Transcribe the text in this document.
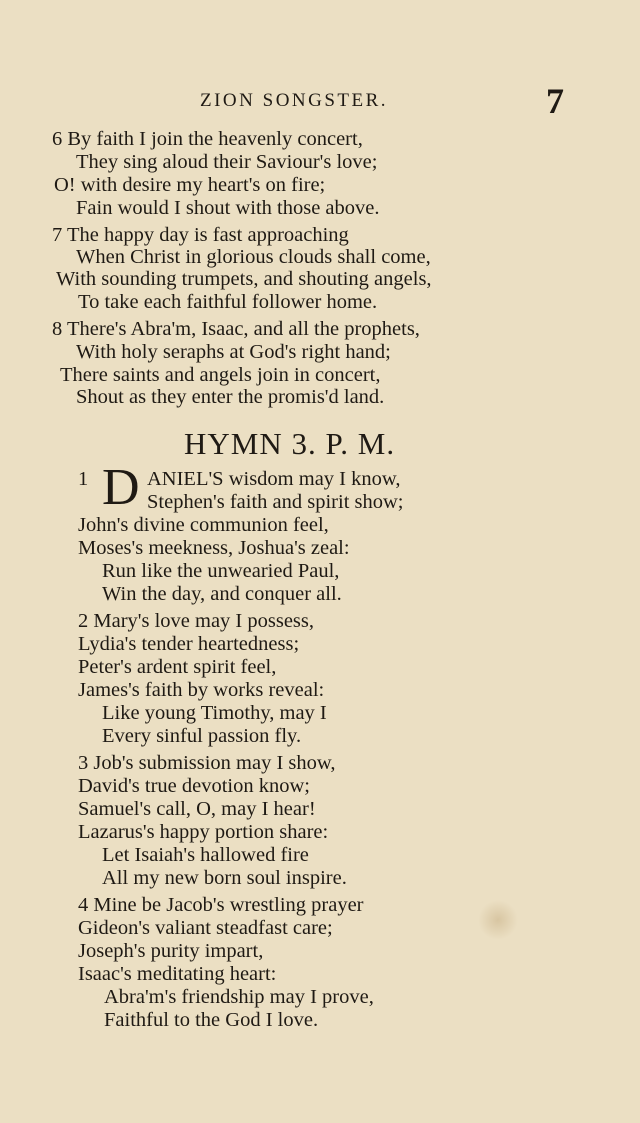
ZION SONGSTER.	7
6 By faith I join the heavenly concert,
They sing aloud their Saviour's love;
O! with desire my heart's on fire;
Fain would I shout with those above.
7 The happy day is fast approaching
When Christ in glorious clouds shall come,
With sounding trumpets, and shouting angels,
To take each faithful follower home.
8 There's Abra'm, Isaac, and all the prophets,
With holy seraphs at God's right hand;
There saints and angels join in concert,
Shout as they enter the promis'd land.
HYMN 3. P. M.
1 D ANIEL'S wisdom may I know,
Stephen's faith and spirit show;
John's divine communion feel,
Moses's meekness, Joshua's zeal:
Run like the unwearied Paul,
Win the day, and conquer all.
2 Mary's love may I possess,
Lydia's tender heartedness;
Peter's ardent spirit feel,
James's faith by works reveal:
Like young Timothy, may I
Every sinful passion fly.
3 Job's submission may I show,
David's true devotion know;
Samuel's call, O, may I hear!
Lazarus's happy portion share:
Let Isaiah's hallowed fire
All my new born soul inspire.
4 Mine be Jacob's wrestling prayer
Gideon's valiant steadfast care;
Joseph's purity impart,
Isaac's meditating heart:
Abra'm's friendship may I prove,
Faithful to the God I love.
